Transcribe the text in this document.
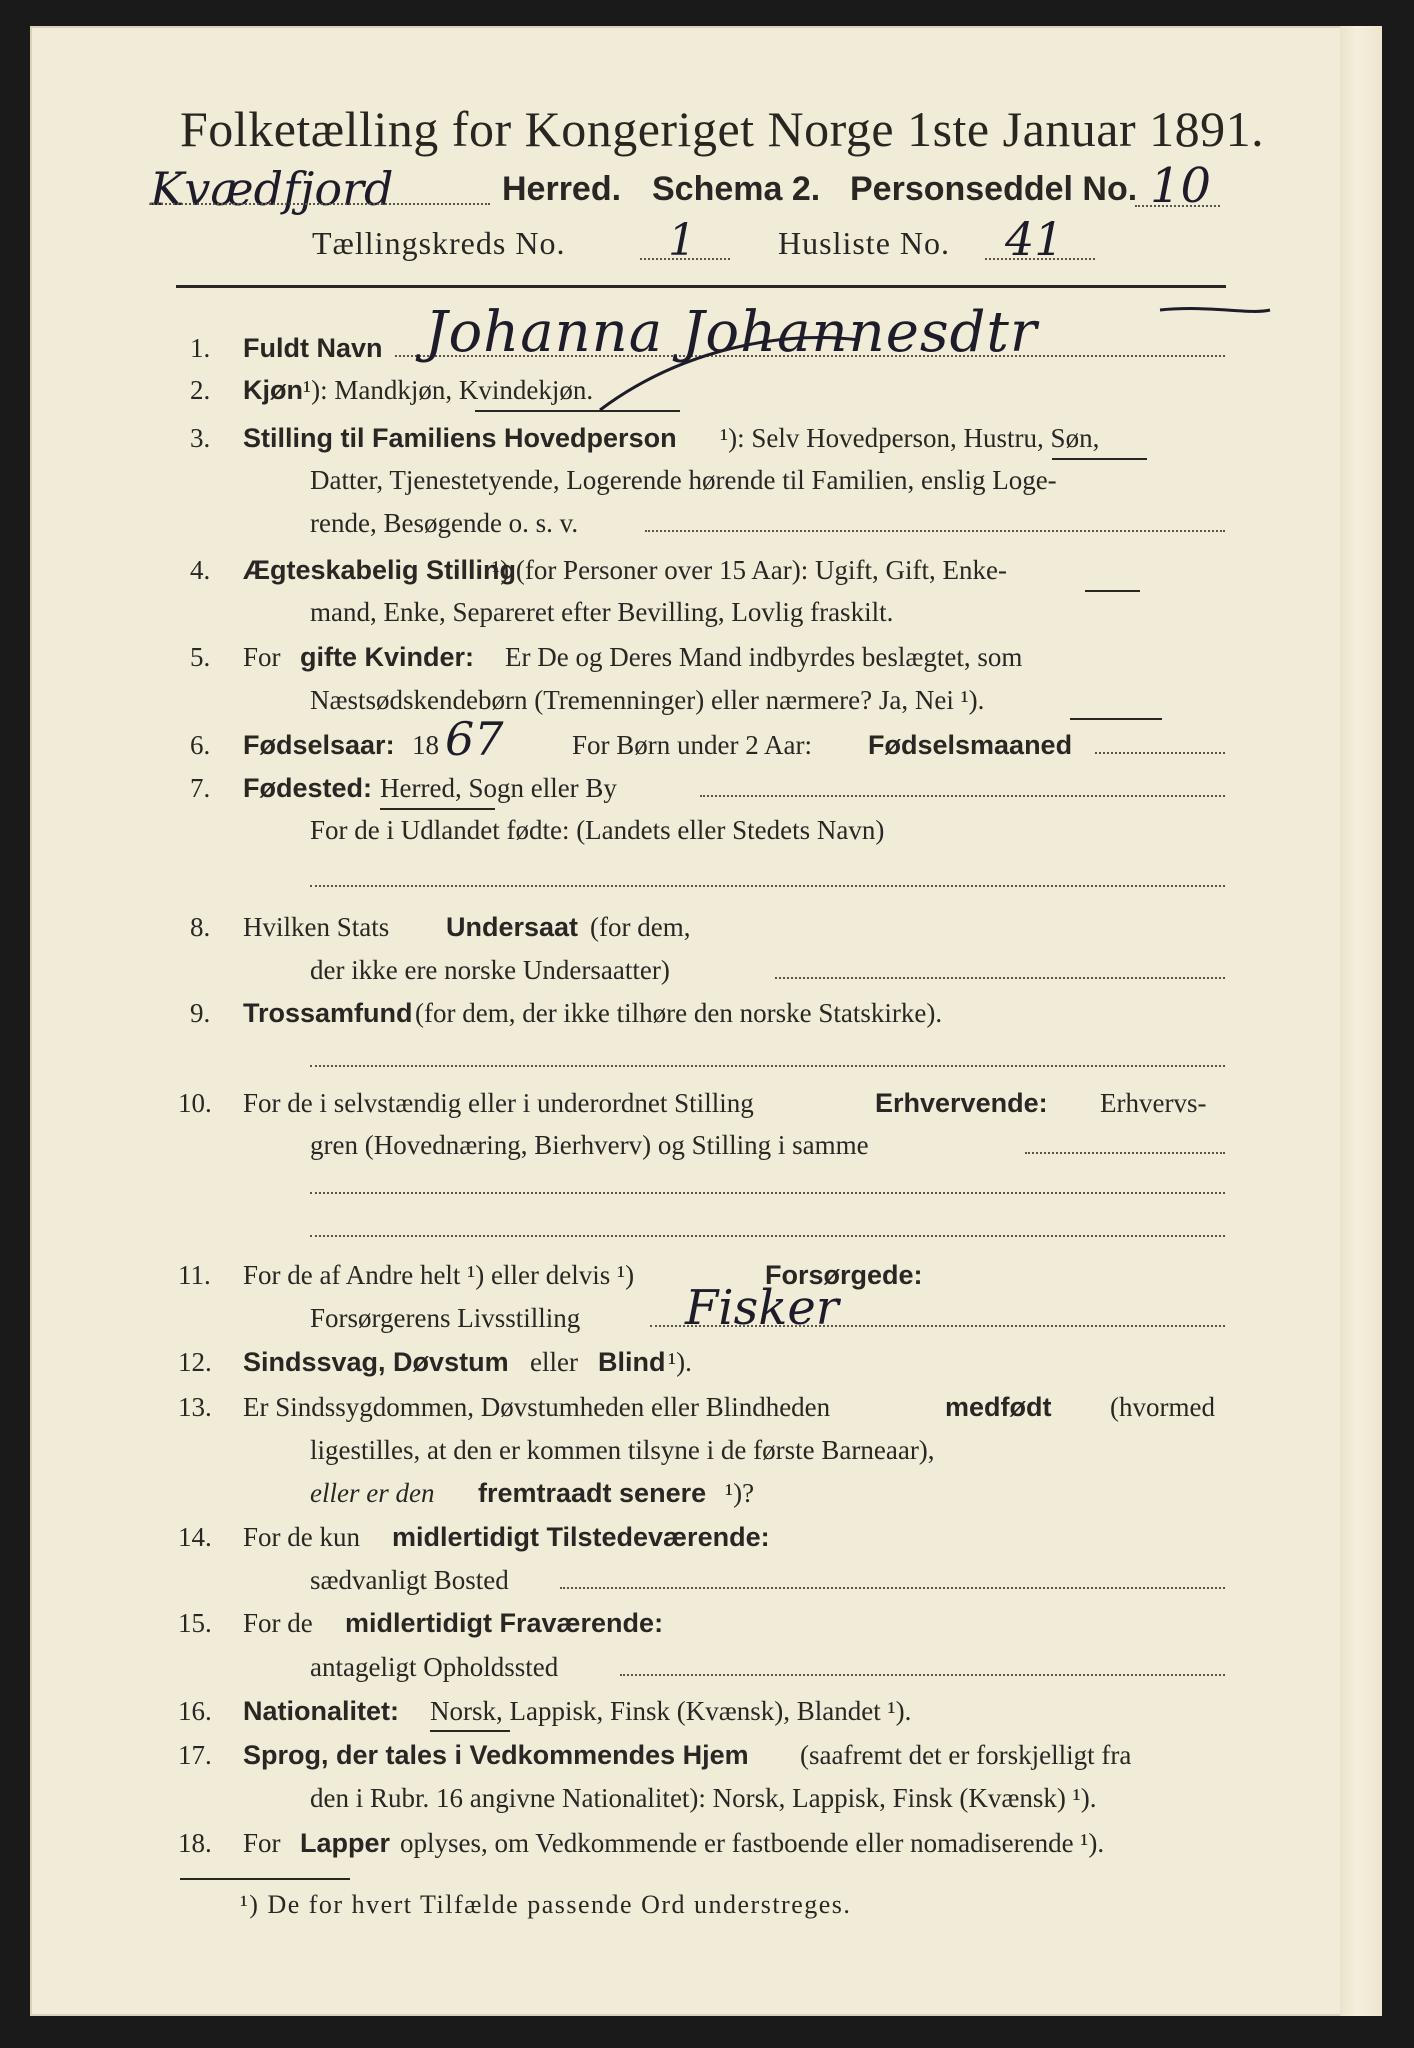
Folketælling for Kongeriget Norge 1ste Januar 1891.
Kvædfjord	Herred. Schema 2. Personseddel No. 10
Tællingskreds No. 1	Husliste No. 41
1. Fuldt Navn Johanna Johannesdtr
2. Kjøn ¹): Mandkjøn, Kvindekjøn.
3. Stilling til Familiens Hovedperson ¹): Selv Hovedperson, Hustru, Søn,
Datter, Tjenestetyende, Logerende hørende til Familien, enslig Loge-
rende, Besøgende o. s. v.
4. Ægteskabelig Stilling
¹) (for Personer over 15 Aar): Ugift, Gift, Enke-
mand, Enke, Separeret efter Bevilling, Lovlig fraskilt.
5. For gifte Kvinder: Er De og Deres Mand indbyrdes beslægtet, som
Næstsødskendebørn (Tremenninger) eller nærmere? Ja, Nei ¹).
6. Fødselsaar: 18 67	For Børn under 2 Aar: Fødselsmaaned
7. Fødested: Herred, Sogn eller By
For de i Udlandet fødte: (Landets eller Stedets Navn)
8. Hvilken Stats Undersaat (for dem,
der ikke ere norske Undersaatter)
9. Trossamfund (for dem, der ikke tilhøre den norske Statskirke).
10. For de i selvstændig eller i underordnet Stilling	Erhvervende: Erhvervs-
gren (Hovednæring, Bierhverv) og Stilling i samme
11. For de af Andre helt ¹) eller delvis ¹)	Forsørgede:
Forsørgerens Livsstilling Fisker
12. Sindssvag, Døvstum eller Blind ¹).
13. Er Sindssygdommen, Døvstumheden eller Blindheden	medfødt (hvormed
ligestilles, at den er kommen tilsyne i de første Barneaar),
eller er den fremtraadt senere ¹)?
14. For de kun midlertidigt Tilstedeværende:
sædvanligt Bosted
15. For de midlertidigt Fraværende:
antageligt Opholdssted
16. Nationalitet: Norsk, Lappisk, Finsk (Kvænsk), Blandet ¹).
17. Sprog, der tales i Vedkommendes Hjem (saafremt det er forskjelligt fra
den i Rubr. 16 angivne Nationalitet): Norsk, Lappisk, Finsk (Kvænsk) ¹).
18. For Lapper oplyses, om Vedkommende er fastboende eller nomadiserende ¹).
¹) De for hvert Tilfælde passende Ord understreges.
